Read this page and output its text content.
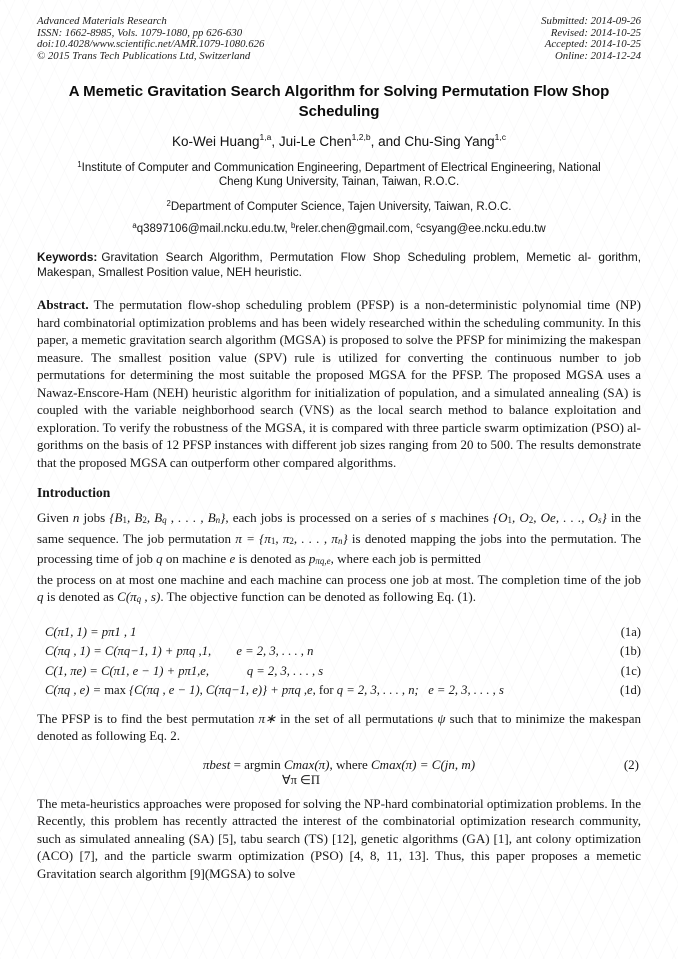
Advanced Materials Research
ISSN: 1662-8985, Vols. 1079-1080, pp 626-630
doi:10.4028/www.scientific.net/AMR.1079-1080.626
© 2015 Trans Tech Publications Ltd, Switzerland
Submitted: 2014-09-26
Revised: 2014-10-25
Accepted: 2014-10-25
Online: 2014-12-24
A Memetic Gravitation Search Algorithm for Solving Permutation Flow Shop Scheduling
Ko-Wei Huang$^{1,a}$, Jui-Le Chen$^{1,2,b}$, and Chu-Sing Yang$^{1,c}$
$^1$Institute of Computer and Communication Engineering, Department of Electrical Engineering, National Cheng Kung University, Tainan, Taiwan, R.O.C.
$^2$Department of Computer Science, Tajen University, Taiwan, R.O.C.
$^a$q3897106@mail.ncku.edu.tw, $^b$reler.chen@gmail.com, $^c$csyang@ee.ncku.edu.tw

Keywords: Gravitation Search Algorithm, Permutation Flow Shop Scheduling problem, Memetic al- gorithm, Makespan, Smallest Position value, NEH heuristic.

Abstract. The permutation flow-shop scheduling problem (PFSP) is a non-deterministic polynomial time (NP) hard combinatorial optimization problems and has been widely researched within the scheduling community. In this paper, a memetic gravitation search algorithm (MGSA) is proposed to solve the PFSP for minimizing the makespan measure. The smallest position value (SPV) rule is utilized for converting the continuous number to job permutations for determining the most suitable the proposed MGSA for the PFSP. The proposed MGSA uses a Nawaz-Enscore-Ham (NEH) heuristic algorithm for initialization of population, and a simulated annealing (SA) is coupled with the variable neighborhood search (VNS) as the local search method to balance exploitation and exploration. To verify the robustness of the MGSA, it is compared with three particle swarm optimization (PSO) al- gorithms on the basis of 12 PFSP instances with different job sizes ranging from 20 to 500. The results demonstrate that the proposed MGSA can outperform other compared algorithms.

Introduction

Given n jobs {B1, B2, Bq , . . . , Bn}, each jobs is processed on a series of s machines {O1, O2, Oe, . . ., Os} in the same sequence. The job permutation π = {π1, π2, . . . , πn} is denoted mapping the jobs into the permutation. The processing time of job q on machine e is denoted as pπq,e, where each job is permitted

the process on at most one machine and each machine can process one job at most. The completion time of the job q is denoted as C(πq , s). The objective function can be denoted as following Eq. (1).

C(π1, 1) = pπ1 , 1	(1a)
C(πq , 1) = C(πq−1, 1) + pπq ,1, e = 2, 3, . . . , n	(1b)
C(1, πe) = C(π1, e − 1) + pπ1,e,	q = 2, 3, . . . , s	(1c)
C(πq , e) = max {C(πq , e − 1), C(πq−1, e)} + pπq ,e, for q = 2, 3, . . . , n; e = 2, 3, . . . , s	(1d)

The PFSP is to find the best permutation π∗ in the set of all permutations ψ such that to minimize the makespan denoted as following Eq. 2.

πbest = argmin Cmax(π), where Cmax(π) = C(jn, m)
∀π ∈Π
(2)

The meta-heuristics approaches were proposed for solving the NP-hard combinatorial optimization problems. In the Recently, this problem has recently attracted the interest of the combinatorial optimization research community, such as simulated annealing (SA) [5], tabu search (TS) [12], genetic algorithms (GA) [1], ant colony optimization (ACO) [7], and the particle swarm optimization (PSO) [4, 8, 11, 13]. Thus, this paper proposes a memetic Gravitation search algorithm [9](MGSA) to solve
